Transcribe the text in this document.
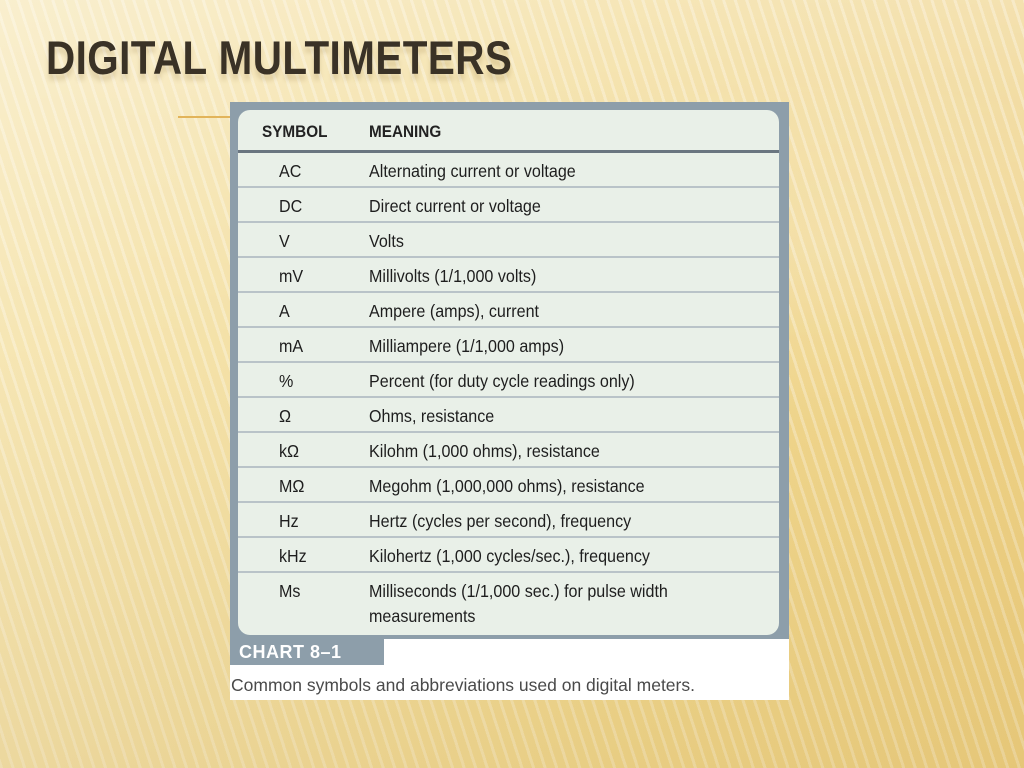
DIGITAL MULTIMETERS
SYMBOL MEANING
AC	Alternating current or voltage
DC	Direct current or voltage
V	Volts
mV	Millivolts (1/1,000 volts)
A	Ampere (amps), current
mA	Milliampere (1/1,000 amps)
%	Percent (for duty cycle readings only)
Ω	Ohms, resistance
kΩ	Kilohm (1,000 ohms), resistance
MΩ	Megohm (1,000,000 ohms), resistance
Hz	Hertz (cycles per second), frequency
kHz	Kilohertz (1,000 cycles/sec.), frequency
Ms	Milliseconds (1/1,000 sec.) for pulse width measurements
CHART 8–1
Common symbols and abbreviations used on digital meters.
